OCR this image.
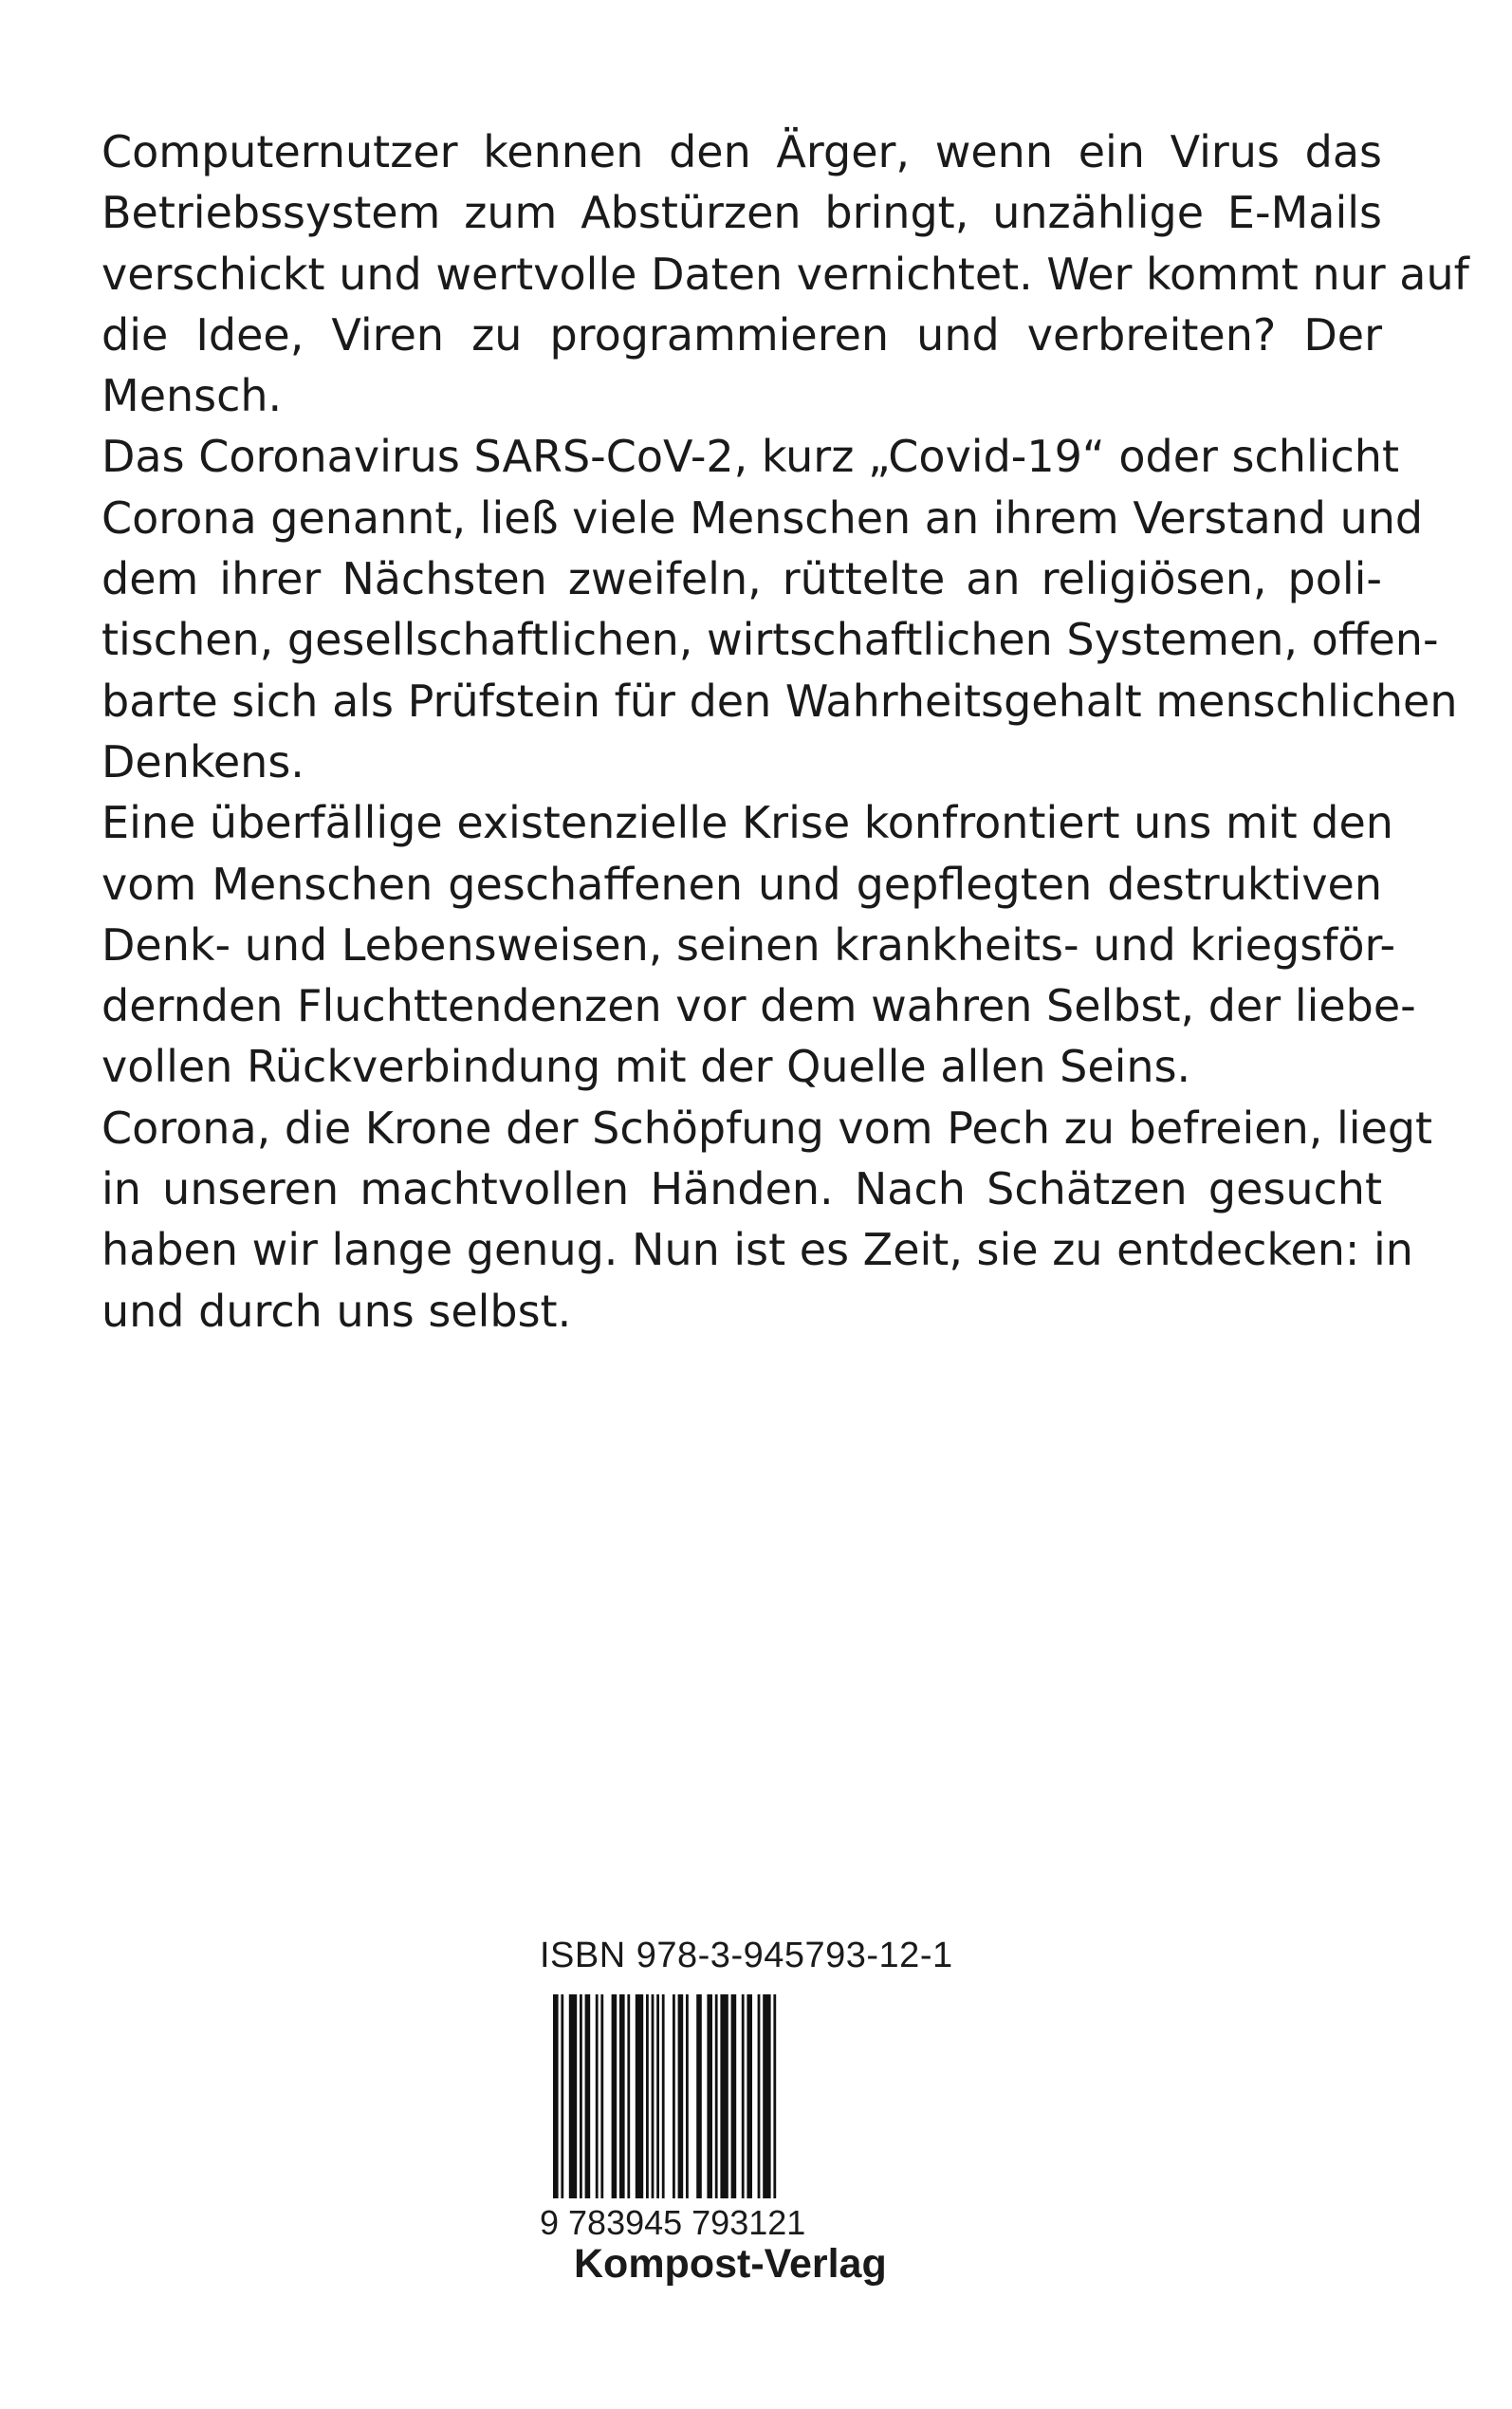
Computernutzer kennen den Ärger, wenn ein Virus das
Betriebssystem zum Abstürzen bringt, unzählige E-Mails
verschickt und wertvolle Daten vernichtet. Wer kommt nur auf
die Idee, Viren zu programmieren und verbreiten? Der
Mensch.
Das Coronavirus SARS-CoV-2, kurz „Covid-19“ oder schlicht
Corona genannt, ließ viele Menschen an ihrem Verstand und
dem ihrer Nächsten zweifeln, rüttelte an religiösen, poli-
tischen, gesellschaftlichen, wirtschaftlichen Systemen, offen-
barte sich als Prüfstein für den Wahrheitsgehalt menschlichen
Denkens.
Eine überfällige existenzielle Krise konfrontiert uns mit den
vom Menschen geschaffenen und gepflegten destruktiven
Denk- und Lebensweisen, seinen krankheits- und kriegsför-
dernden Fluchttendenzen vor dem wahren Selbst, der liebe-
vollen Rückverbindung mit der Quelle allen Seins.
Corona, die Krone der Schöpfung vom Pech zu befreien, liegt
in unseren machtvollen Händen. Nach Schätzen gesucht
haben wir lange genug. Nun ist es Zeit, sie zu entdecken: in
und durch uns selbst.
ISBN 978-3-945793-12-1
9 783945 793121
Kompost-Verlag
